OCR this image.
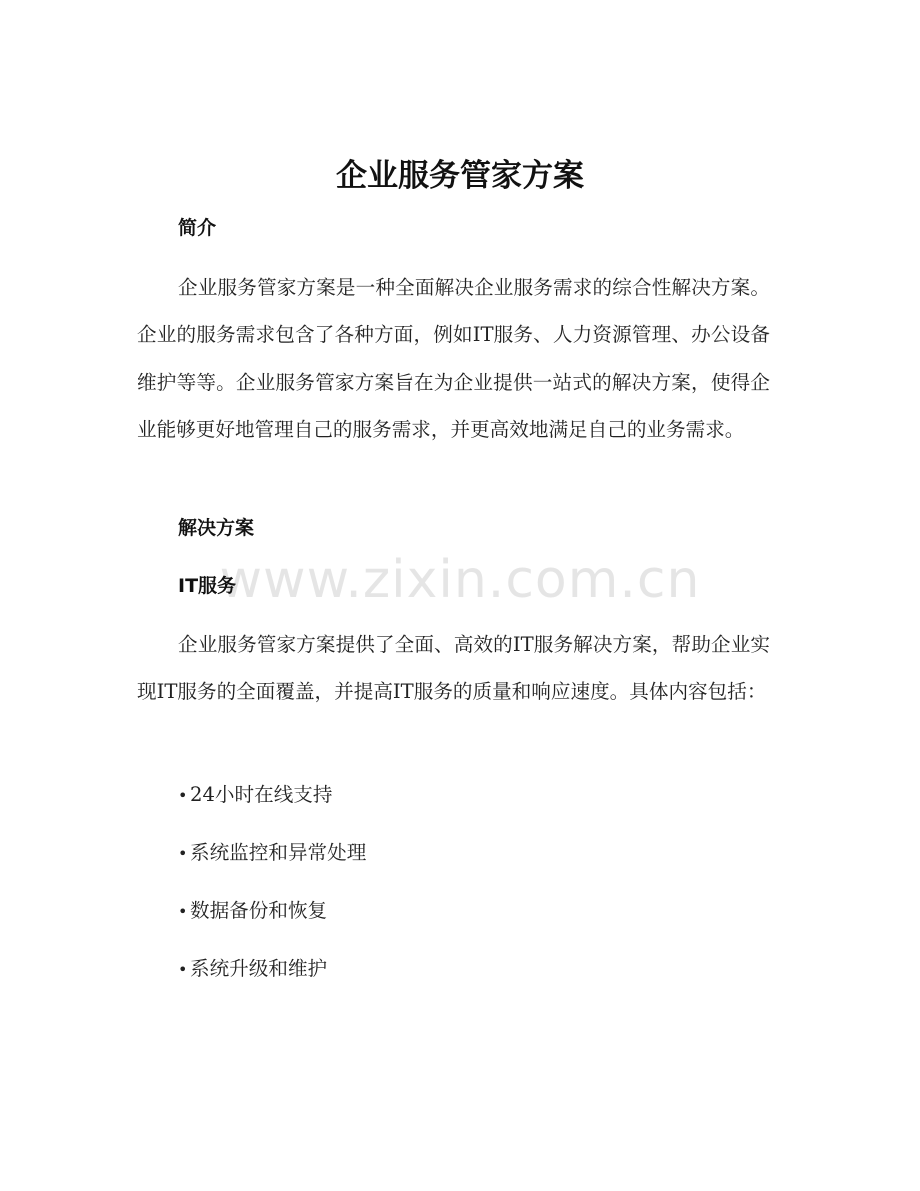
www.zixin.com.cn
企业服务管家方案
简介

企业服务管家方案是一种全面解决企业服务需求的综合性解决方案。企业的服务需求包含了各种方面，例如IT服务、人力资源管理、办公设备维护等等。企业服务管家方案旨在为企业提供一站式的解决方案，使得企业能够更好地管理自己的服务需求，并更高效地满足自己的业务需求。

解决方案
IT服务

企业服务管家方案提供了全面、高效的IT服务解决方案，帮助企业实现IT服务的全面覆盖，并提高IT服务的质量和响应速度。具体内容包括：

• 24小时在线支持
• 系统监控和异常处理
• 数据备份和恢复
• 系统升级和维护
